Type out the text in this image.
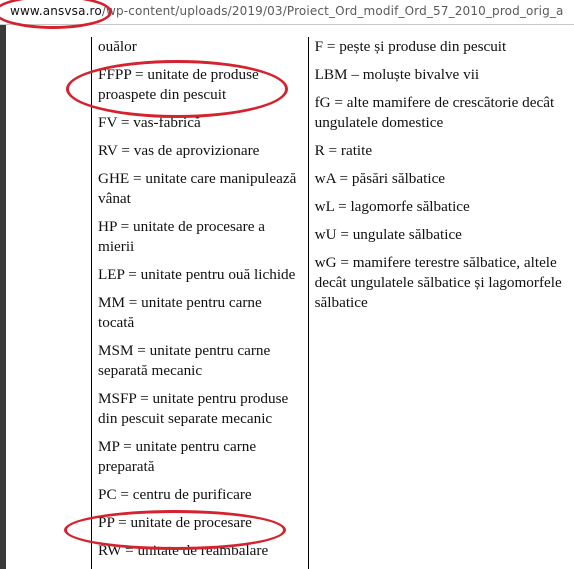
www.ansvsa.ro/wp-content/uploads/2019/03/Proiect_Ord_modif_Ord_57_2010_prod_orig_a
ouălor
FFPP = unitate de produse proaspete din pescuit
FV = vas-fabrică
RV = vas de aprovizionare
GHE = unitate care manipulează vânat
HP = unitate de procesare a mierii
LEP = unitate pentru ouă lichide
MM = unitate pentru carne tocată
MSM = unitate pentru carne separată mecanic
MSFP = unitate pentru produse din pescuit separate mecanic
MP = unitate pentru carne preparată
PC = centru de purificare
PP = unitate de procesare
RW = unitate de reambalare

F = pește și produse din pescuit
LBM – moluște bivalve vii
fG = alte mamifere de crescătorie decât ungulatele domestice
R = ratite
wA = păsări sălbatice
wL = lagomorfe sălbatice
wU = ungulate sălbatice
wG = mamifere terestre sălbatice, altele decât ungulatele sălbatice și lagomorfele sălbatice
